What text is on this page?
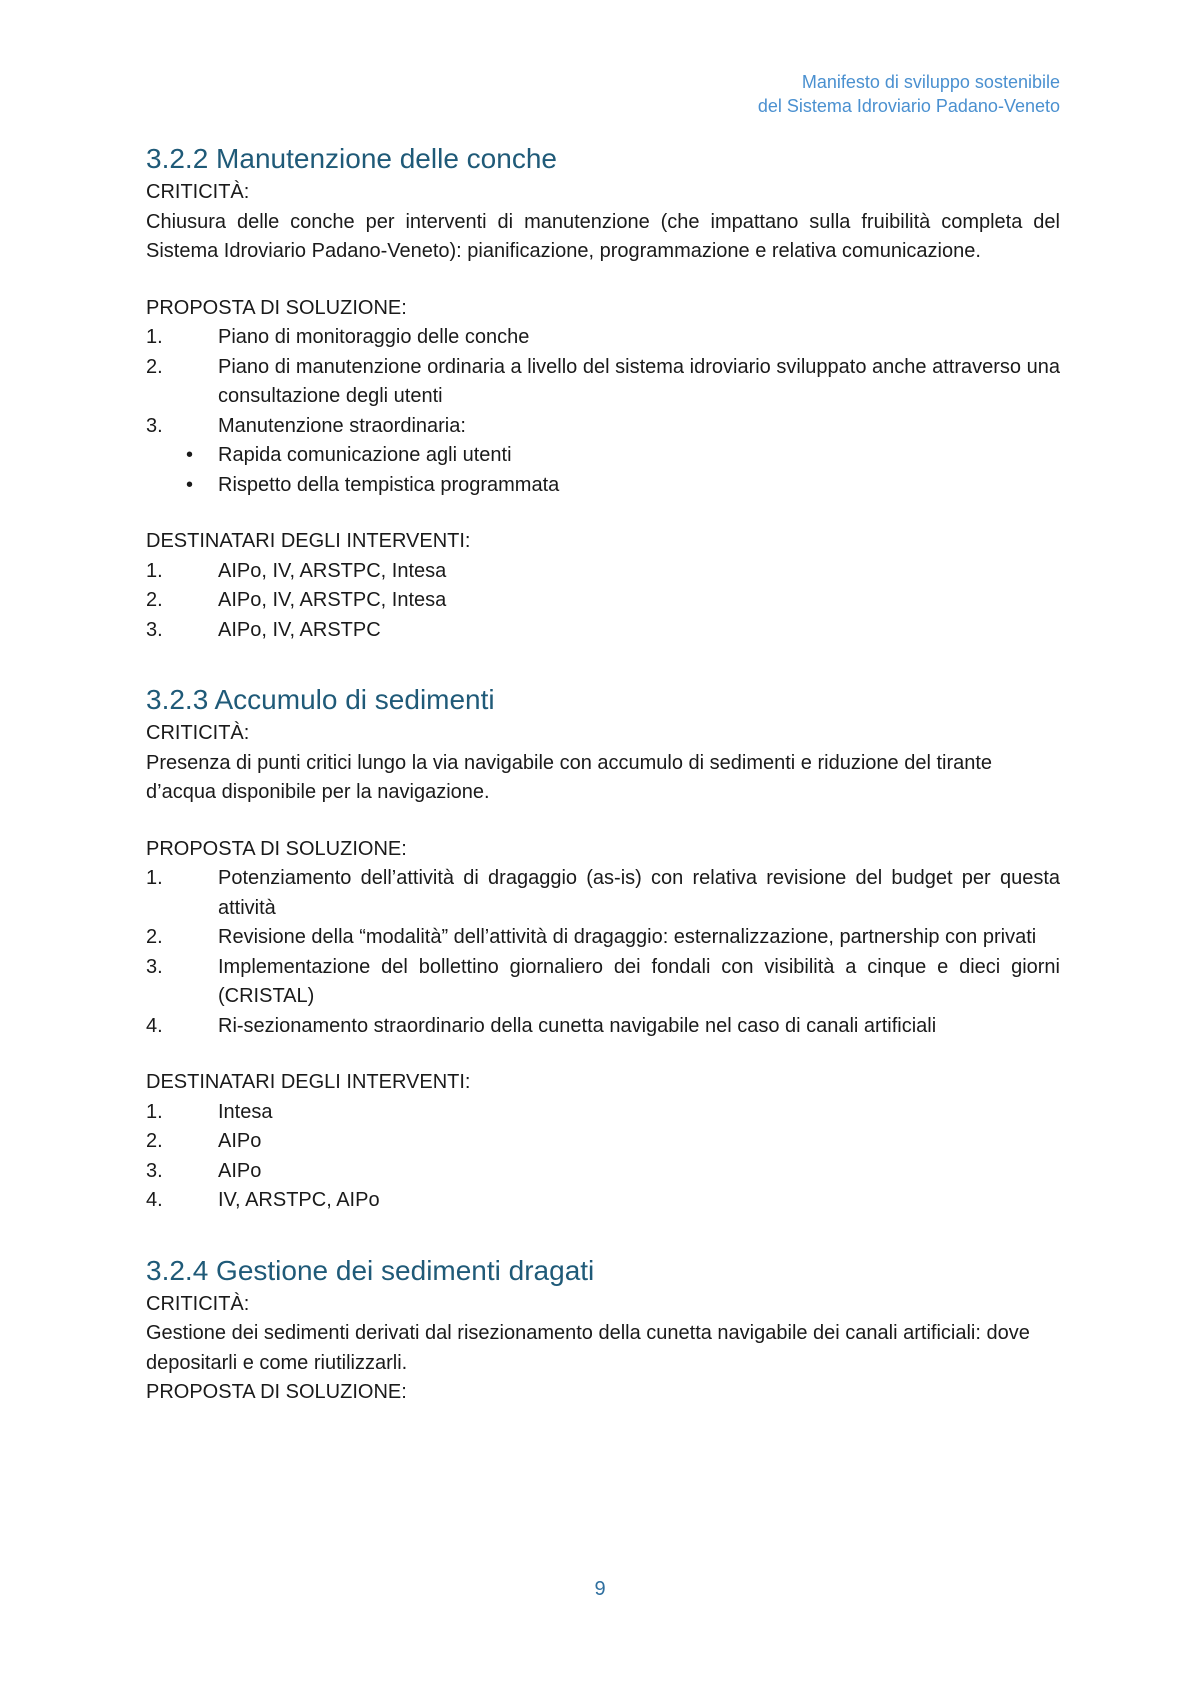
Manifesto di sviluppo sostenibile
del Sistema Idroviario Padano-Veneto
3.2.2 Manutenzione delle conche

CRITICITÀ:

Chiusura delle conche per interventi di manutenzione (che impattano sulla fruibilità completa del Sistema Idroviario Padano-Veneto): pianificazione, programmazione e relativa comunicazione.

PROPOSTA DI SOLUZIONE:

1.	Piano di monitoraggio delle conche
2.	Piano di manutenzione ordinaria a livello del sistema idroviario sviluppato anche attraverso una consultazione degli utenti
3.	Manutenzione straordinaria:
•	Rapida comunicazione agli utenti
•	Rispetto della tempistica programmata

DESTINATARI DEGLI INTERVENTI:

1.	AIPo, IV, ARSTPC, Intesa
2.	AIPo, IV, ARSTPC, Intesa
3.	AIPo, IV, ARSTPC
3.2.3 Accumulo di sedimenti

CRITICITÀ:

Presenza di punti critici lungo la via navigabile con accumulo di sedimenti e riduzione del tirante d’acqua disponibile per la navigazione.

PROPOSTA DI SOLUZIONE:

1.	Potenziamento dell’attività di dragaggio (as-is) con relativa revisione del budget per questa attività
2.	Revisione della “modalità” dell’attività di dragaggio: esternalizzazione, partnership con privati
3.	Implementazione del bollettino giornaliero dei fondali con visibilità a cinque e dieci giorni (CRISTAL)
4.	Ri-sezionamento straordinario della cunetta navigabile nel caso di canali artificiali

DESTINATARI DEGLI INTERVENTI:

1.	Intesa
2.	AIPo
3.	AIPo
4.	IV, ARSTPC, AIPo
3.2.4 Gestione dei sedimenti dragati

CRITICITÀ:

Gestione dei sedimenti derivati dal risezionamento della cunetta navigabile dei canali artificiali: dove depositarli e come riutilizzarli.

PROPOSTA DI SOLUZIONE:

9
